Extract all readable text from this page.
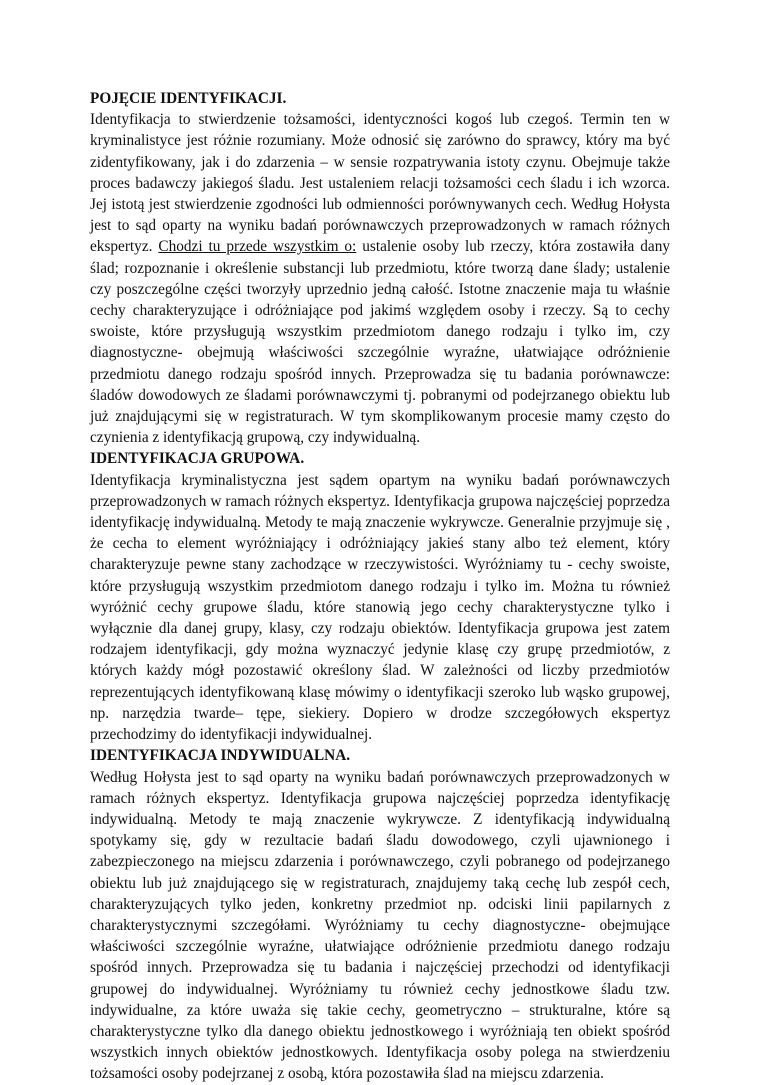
POJĘCIE IDENTYFIKACJI.

Identyfikacja to stwierdzenie tożsamości, identyczności kogoś lub czegoś. Termin ten w kryminalistyce jest różnie rozumiany. Może odnosić się zarówno do sprawcy, który ma być zidentyfikowany, jak i do zdarzenia – w sensie rozpatrywania istoty czynu. Obejmuje także proces badawczy jakiegoś śladu. Jest ustaleniem relacji tożsamości cech śladu i ich wzorca. Jej istotą jest stwierdzenie zgodności lub odmienności porównywanych cech. Według Hołysta jest to sąd oparty na wyniku badań porównawczych przeprowadzonych w ramach różnych ekspertyz. Chodzi tu przede wszystkim o: ustalenie osoby lub rzeczy, która zostawiła dany ślad; rozpoznanie i określenie substancji lub przedmiotu, które tworzą dane ślady; ustalenie czy poszczególne części tworzyły uprzednio jedną całość. Istotne znaczenie maja tu właśnie cechy charakteryzujące i odróżniające pod jakimś względem osoby i rzeczy. Są to cechy swoiste, które przysługują wszystkim przedmiotom danego rodzaju i tylko im, czy diagnostyczne- obejmują właściwości szczególnie wyraźne, ułatwiające odróżnienie przedmiotu danego rodzaju spośród innych. Przeprowadza się tu badania porównawcze: śladów dowodowych ze śladami porównawczymi tj. pobranymi od podejrzanego obiektu lub już znajdującymi się w registraturach. W tym skomplikowanym procesie mamy często do czynienia z identyfikacją grupową, czy indywidualną.

IDENTYFIKACJA GRUPOWA.

Identyfikacja kryminalistyczna jest sądem opartym na wyniku badań porównawczych przeprowadzonych w ramach różnych ekspertyz. Identyfikacja grupowa najczęściej poprzedza identyfikację indywidualną. Metody te mają znaczenie wykrywcze. Generalnie przyjmuje się , że cecha to element wyróżniający i odróżniający jakieś stany albo też element, który charakteryzuje pewne stany zachodzące w rzeczywistości. Wyróżniamy tu - cechy swoiste, które przysługują wszystkim przedmiotom danego rodzaju i tylko im. Można tu również wyróżnić cechy grupowe śladu, które stanowią jego cechy charakterystyczne tylko i wyłącznie dla danej grupy, klasy, czy rodzaju obiektów. Identyfikacja grupowa jest zatem rodzajem identyfikacji, gdy można wyznaczyć jedynie klasę czy grupę przedmiotów, z których każdy mógł pozostawić określony ślad. W zależności od liczby przedmiotów reprezentujących identyfikowaną klasę mówimy o identyfikacji szeroko lub wąsko grupowej, np. narzędzia twarde– tępe, siekiery. Dopiero w drodze szczegółowych ekspertyz przechodzimy do identyfikacji indywidualnej.

IDENTYFIKACJA INDYWIDUALNA.

Według Hołysta jest to sąd oparty na wyniku badań porównawczych przeprowadzonych w ramach różnych ekspertyz. Identyfikacja grupowa najczęściej poprzedza identyfikację indywidualną. Metody te mają znaczenie wykrywcze. Z identyfikacją indywidualną spotykamy się, gdy w rezultacie badań śladu dowodowego, czyli ujawnionego i zabezpieczonego na miejscu zdarzenia i porównawczego, czyli pobranego od podejrzanego obiektu lub już znajdującego się w registraturach, znajdujemy taką cechę lub zespół cech, charakteryzujących tylko jeden, konkretny przedmiot np. odciski linii papilarnych z charakterystycznymi szczegółami. Wyróżniamy tu cechy diagnostyczne- obejmujące właściwości szczególnie wyraźne, ułatwiające odróżnienie przedmiotu danego rodzaju spośród innych. Przeprowadza się tu badania i najczęściej przechodzi od identyfikacji grupowej do indywidualnej. Wyróżniamy tu również cechy jednostkowe śladu tzw. indywidualne, za które uważa się takie cechy, geometryczno – strukturalne, które są charakterystyczne tylko dla danego obiektu jednostkowego i wyróżniają ten obiekt spośród wszystkich innych obiektów jednostkowych. Identyfikacja osoby polega na stwierdzeniu tożsamości osoby podejrzanej z osobą, która pozostawiła ślad na miejscu zdarzenia.
